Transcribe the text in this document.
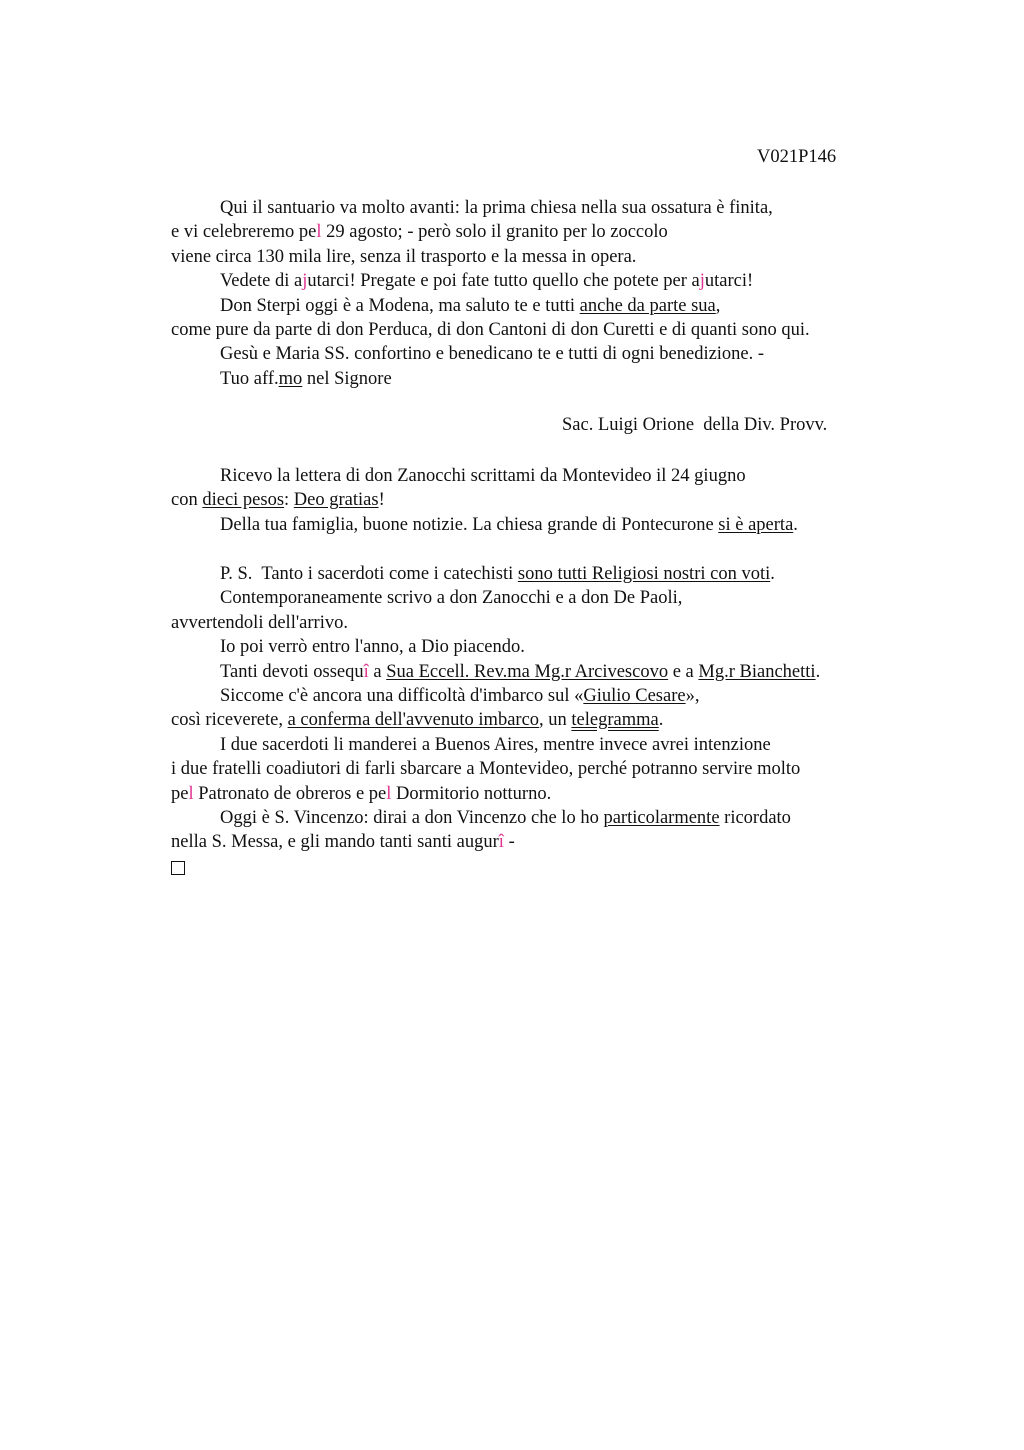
V021P146
Qui il santuario va molto avanti: la prima chiesa nella sua ossatura è finita,
e vi celebreremo pel 29 agosto; - però solo il granito per lo zoccolo
viene circa 130 mila lire, senza il trasporto e la messa in opera.
Vedete di ajutarci! Pregate e poi fate tutto quello che potete per ajutarci!
Don Sterpi oggi è a Modena, ma saluto te e tutti anche da parte sua,
come pure da parte di don Perduca, di don Cantoni di don Curetti e di quanti sono qui.
Gesù e Maria SS. confortino e benedicano te e tutti di ogni benedizione. -
Tuo aff.mo nel Signore
Sac. Luigi Orione  della Div. Provv.
Ricevo la lettera di don Zanocchi scrittami da Montevideo il 24 giugno
con dieci pesos: Deo gratias!
Della tua famiglia, buone notizie. La chiesa grande di Pontecurone si è aperta.
P. S.  Tanto i sacerdoti come i catechisti sono tutti Religiosi nostri con voti.
Contemporaneamente scrivo a don Zanocchi e a don De Paoli,
avvertendoli dell'arrivo.
Io poi verrò entro l'anno, a Dio piacendo.
Tanti devoti ossequî a Sua Eccell. Rev.ma Mg.r Arcivescovo e a Mg.r Bianchetti.
Siccome c'è ancora una difficoltà d'imbarco sul «Giulio Cesare»,
così riceverete, a conferma dell'avvenuto imbarco, un telegramma.
I due sacerdoti li manderei a Buenos Aires, mentre invece avrei intenzione
i due fratelli coadiutori di farli sbarcare a Montevideo, perché potranno servire molto
pel Patronato de obreros e pel Dormitorio notturno.
Oggi è S. Vincenzo: dirai a don Vincenzo che lo ho particolarmente ricordato
nella S. Messa, e gli mando tanti santi augurî -
